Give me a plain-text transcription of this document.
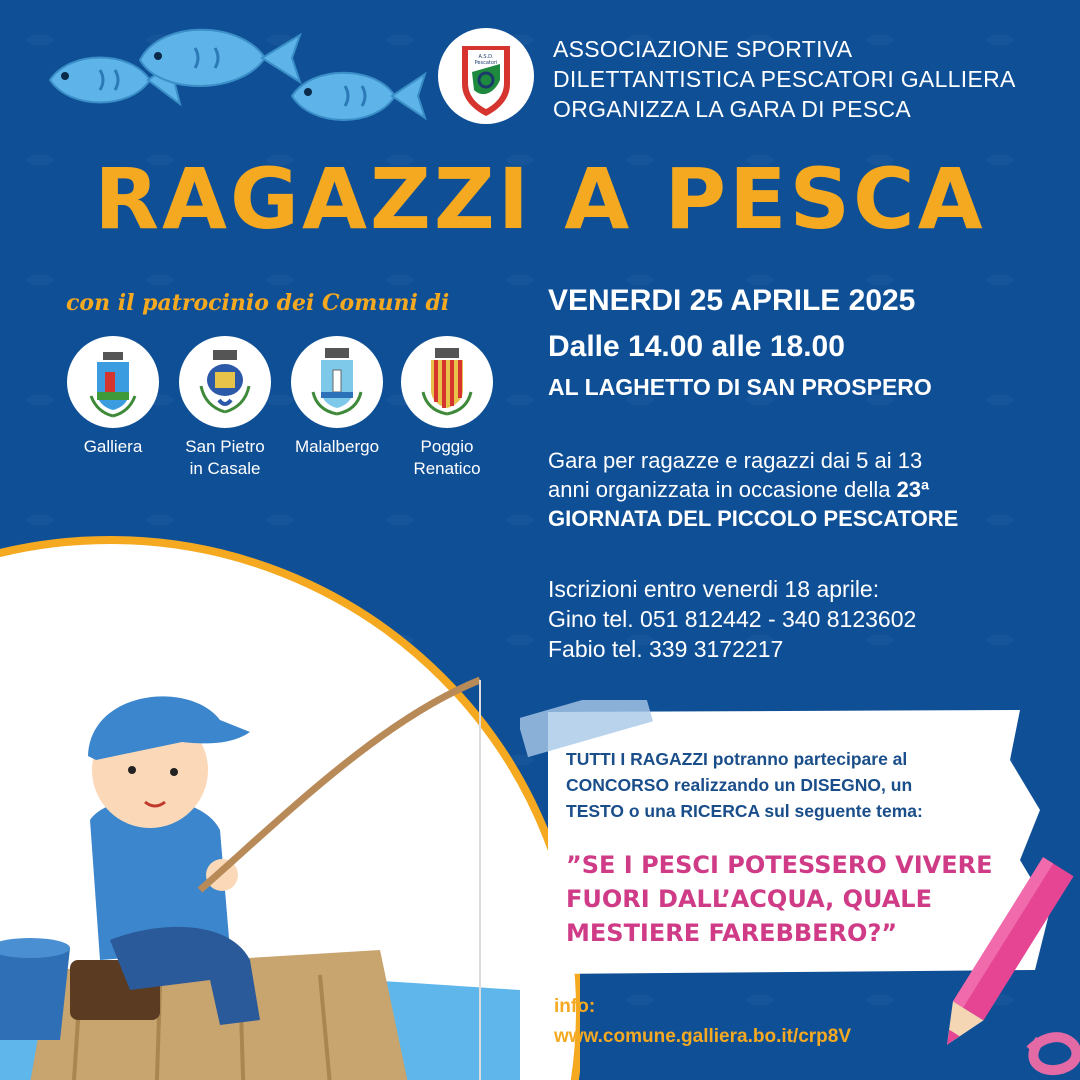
A.S.D.
Pescatori
ASSOCIAZIONE SPORTIVA
DILETTANTISTICA PESCATORI GALLIERA
ORGANIZZA LA GARA DI PESCA
RAGAZZI A PESCA
con il patrocinio dei Comuni di
Galliera	San Pietro
in Casale
Malalbergo	Poggio
Renatico
VENERDI 25 APRILE 2025
Dalle 14.00 alle 18.00
AL LAGHETTO DI SAN PROSPERO
Gara per ragazze e ragazzi dai 5 ai 13
anni organizzata in occasione della 23ª
GIORNATA DEL PICCOLO PESCATORE
Iscrizioni entro venerdi 18 aprile:
Gino tel. 051 812442 - 340 8123602
Fabio tel. 339 3172217
TUTTI I RAGAZZI potranno partecipare al
CONCORSO realizzando un DISEGNO, un
TESTO o una RICERCA sul seguente tema:
”SE I PESCI POTESSERO VIVERE
FUORI DALL’ACQUA, QUALE
MESTIERE FAREBBERO?”
info:
www.comune.galliera.bo.it/crp8V
